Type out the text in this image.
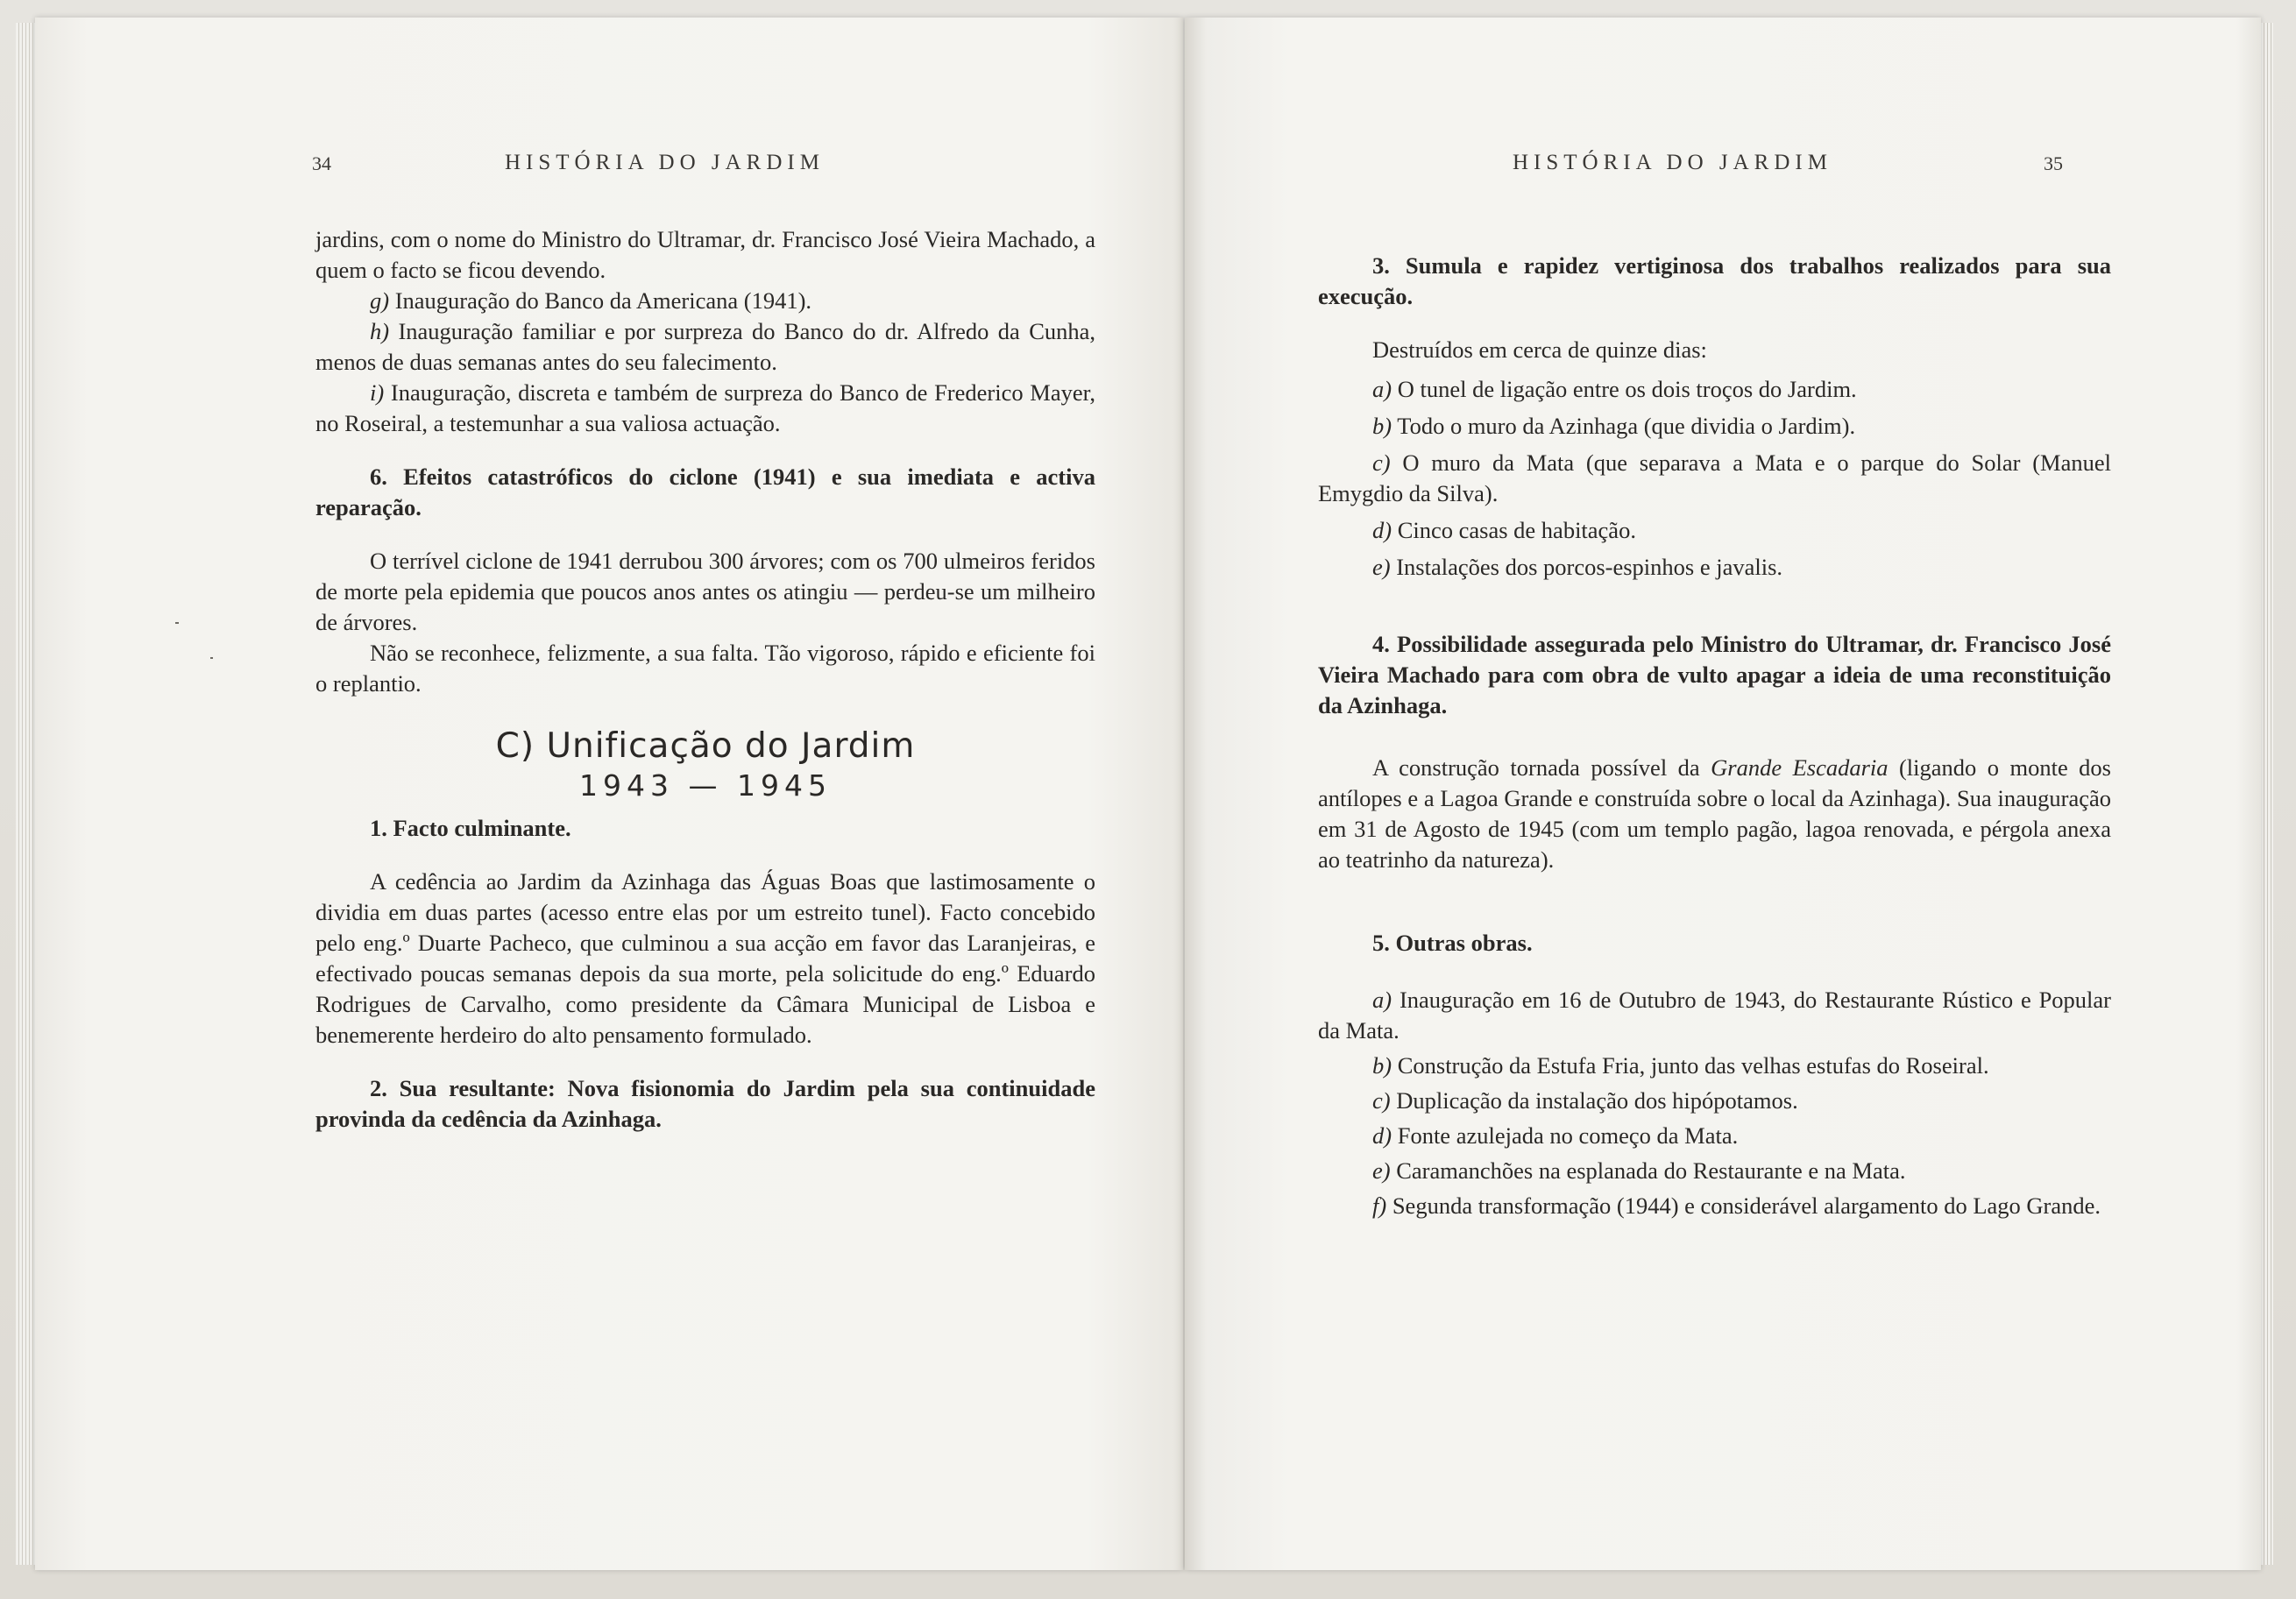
34	HISTÓRIA DO JARDIM

jardins, com o nome do Ministro do Ultramar, dr. Francisco José Vieira Machado, a quem o facto se ficou devendo.

g) Inauguração do Banco da Americana (1941).

h) Inauguração familiar e por surpreza do Banco do dr. Alfredo da Cunha, menos de duas semanas antes do seu falecimento.

i) Inauguração, discreta e também de surpreza do Banco de Frederico Mayer, no Roseiral, a testemunhar a sua valiosa actuação.

6. Efeitos catastróficos do ciclone (1941) e sua imediata e activa reparação.

O terrível ciclone de 1941 derrubou 300 árvores; com os 700 ulmeiros feridos de morte pela epidemia que poucos anos antes os atingiu — perdeu-se um milheiro de árvores.

Não se reconhece, felizmente, a sua falta. Tão vigoroso, rápido e eficiente foi o replantio.

C) Unificação do Jardim

1943 — 1945

1. Facto culminante.

A cedência ao Jardim da Azinhaga das Águas Boas que lastimosamente o dividia em duas partes (acesso entre elas por um estreito tunel). Facto concebido pelo eng.º Duarte Pacheco, que culminou a sua acção em favor das Laranjeiras, e efectivado poucas semanas depois da sua morte, pela solicitude do eng.º Eduardo Rodrigues de Carvalho, como presidente da Câmara Municipal de Lisboa e benemerente herdeiro do alto pensamento formulado.

2. Sua resultante: Nova fisionomia do Jardim pela sua continuidade provinda da cedência da Azinhaga.

HISTÓRIA DO JARDIM	35

3. Sumula e rapidez vertiginosa dos trabalhos realizados para sua execução.

Destruídos em cerca de quinze dias:

a) O tunel de ligação entre os dois troços do Jardim.

b) Todo o muro da Azinhaga (que dividia o Jardim).

c) O muro da Mata (que separava a Mata e o parque do Solar (Manuel Emygdio da Silva).

d) Cinco casas de habitação.

e) Instalações dos porcos-espinhos e javalis.

4. Possibilidade assegurada pelo Ministro do Ultramar, dr. Francisco José Vieira Machado para com obra de vulto apagar a ideia de uma reconstituição da Azinhaga.

A construção tornada possível da Grande Escadaria (ligando o monte dos antílopes e a Lagoa Grande e construída sobre o local da Azinhaga). Sua inauguração em 31 de Agosto de 1945 (com um templo pagão, lagoa renovada, e pérgola anexa ao teatrinho da natureza).

5. Outras obras.

a) Inauguração em 16 de Outubro de 1943, do Restaurante Rústico e Popular da Mata.

b) Construção da Estufa Fria, junto das velhas estufas do Roseiral.

c) Duplicação da instalação dos hipópotamos.

d) Fonte azulejada no começo da Mata.

e) Caramanchões na esplanada do Restaurante e na Mata.

f) Segunda transformação (1944) e considerável alargamento do Lago Grande.
